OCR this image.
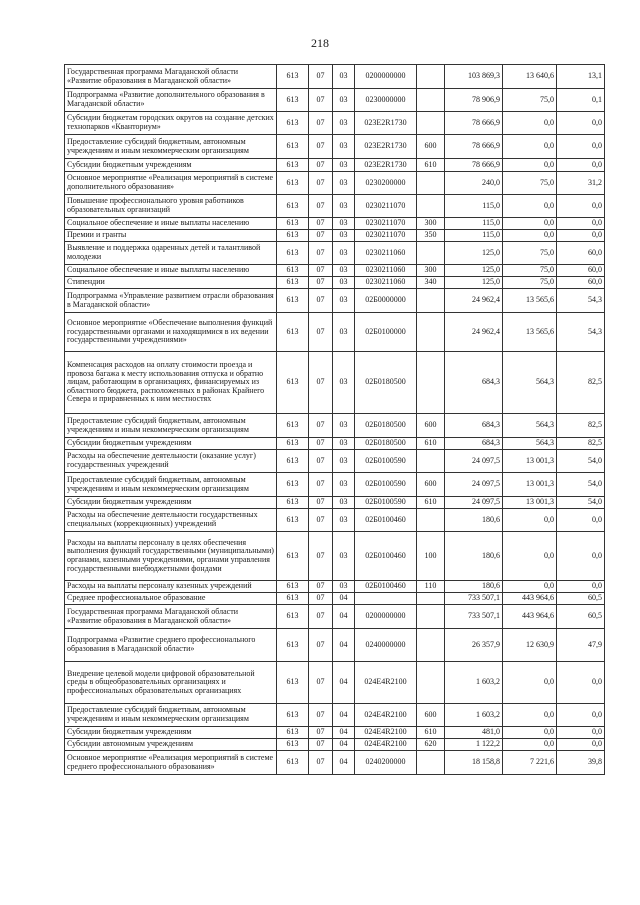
218
Государственная программа Магаданской области «Развитие образования в Магаданской области»	613	07	03	0200000000		103 869,3	13 640,6	13,1
Подпрограмма «Развитие дополнительного образования в Магаданской области»	613	07	03	0230000000		78 906,9	75,0	0,1
Субсидии бюджетам городских округов на создание детских технопарков «Кванториум»	613	07	03	023E2R1730		78 666,9	0,0	0,0
Предоставление субсидий бюджетным, автономным учреждениям и иным некоммерческим организациям	613	07	03	023E2R1730	600	78 666,9	0,0	0,0
Субсидии бюджетным учреждениям	613	07	03	023E2R1730	610	78 666,9	0,0	0,0
Основное мероприятие «Реализация мероприятий в системе дополнительного образования»	613	07	03	0230200000		240,0	75,0	31,2
Повышение профессионального уровня работников образовательных организаций	613	07	03	0230211070		115,0	0,0	0,0
Социальное обеспечение и иные выплаты населению	613	07	03	0230211070	300	115,0	0,0	0,0
Премии и гранты	613	07	03	0230211070	350	115,0	0,0	0,0
Выявление и поддержка одаренных детей и талантливой молодежи	613	07	03	0230211060		125,0	75,0	60,0
Социальное обеспечение и иные выплаты населению	613	07	03	0230211060	300	125,0	75,0	60,0
Стипендии	613	07	03	0230211060	340	125,0	75,0	60,0
Подпрограмма «Управление развитием отрасли образования в Магаданской области»	613	07	03	02Б0000000		24 962,4	13 565,6	54,3
Основное мероприятие «Обеспечение выполнения функций государственными органами и находящимися в их ведении государственными учреждениями»	613	07	03	02Б0100000		24 962,4	13 565,6	54,3
Компенсация расходов на оплату стоимости проезда и провоза багажа к месту использования отпуска и обратно лицам, работающим в организациях, финансируемых из областного бюджета, расположенных в районах Крайнего Севера и приравненных к ним местностях	613	07	03	02Б0180500		684,3	564,3	82,5
Предоставление субсидий бюджетным, автономным учреждениям и иным некоммерческим организациям	613	07	03	02Б0180500	600	684,3	564,3	82,5
Субсидии бюджетным учреждениям	613	07	03	02Б0180500	610	684,3	564,3	82,5
Расходы на обеспечение деятельности (оказание услуг) государственных учреждений	613	07	03	02Б0100590		24 097,5	13 001,3	54,0
Предоставление субсидий бюджетным, автономным учреждениям и иным некоммерческим организациям	613	07	03	02Б0100590	600	24 097,5	13 001,3	54,0
Субсидии бюджетным учреждениям	613	07	03	02Б0100590	610	24 097,5	13 001,3	54,0
Расходы на обеспечение деятельности государственных специальных (коррекционных) учреждений	613	07	03	02Б0100460		180,6	0,0	0,0
Расходы на выплаты персоналу в целях обеспечения выполнения функций государственными (муниципальными) органами, казенными учреждениями, органами управления государственными внебюджетными фондами	613	07	03	02Б0100460	100	180,6	0,0	0,0
Расходы на выплаты персоналу казенных учреждений	613	07	03	02Б0100460	110	180,6	0,0	0,0
Среднее профессиональное образование	613	07	04			733 507,1	443 964,6	60,5
Государственная программа Магаданской области «Развитие образования в Магаданской области»	613	07	04	0200000000		733 507,1	443 964,6	60,5
Подпрограмма «Развитие среднего профессионального образования в Магаданской области»	613	07	04	0240000000		26 357,9	12 630,9	47,9
Внедрение целевой модели цифровой образовательной среды в общеобразовательных организациях и профессиональных образовательных организациях	613	07	04	024E4R2100		1 603,2	0,0	0,0
Предоставление субсидий бюджетным, автономным учреждениям и иным некоммерческим организациям	613	07	04	024E4R2100	600	1 603,2	0,0	0,0
Субсидии бюджетным учреждениям	613	07	04	024E4R2100	610	481,0	0,0	0,0
Субсидии автономным учреждениям	613	07	04	024E4R2100	620	1 122,2	0,0	0,0
Основное мероприятие «Реализация мероприятий в системе среднего профессионального образования»	613	07	04	0240200000		18 158,8	7 221,6	39,8
